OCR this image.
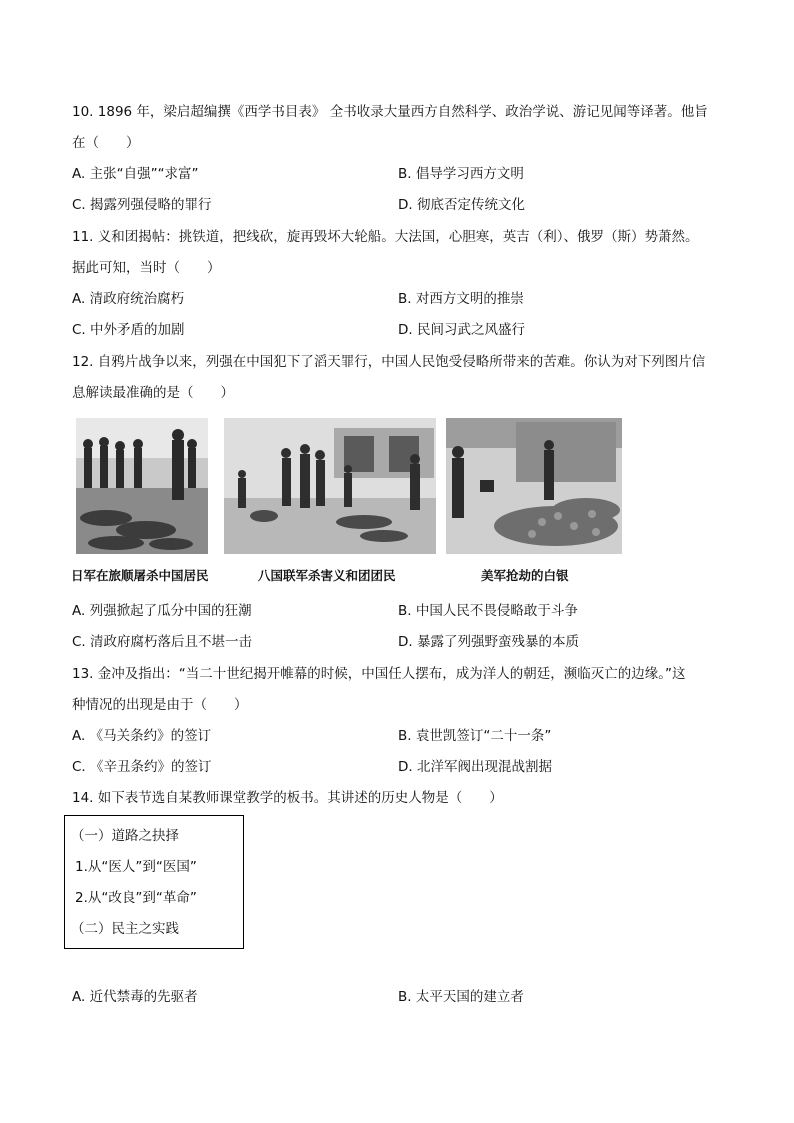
10. 1896 年，梁启超编撰《西学书目表》 全书收录大量西方自然科学、政治学说、游记见闻等译著。他旨
在（　　）
A. 主张“自强”“求富”	B. 倡导学习西方文明
C. 揭露列强侵略的罪行	D. 彻底否定传统文化
11. 义和团揭帖：挑铁道，把线砍，旋再毁坏大轮船。大法国，心胆寒，英吉（利）、俄罗（斯）势萧然。
据此可知，当时（　　）
A. 清政府统治腐朽	B. 对西方文明的推崇
C. 中外矛盾的加剧	D. 民间习武之风盛行
12. 自鸦片战争以来，列强在中国犯下了滔天罪行，中国人民饱受侵略所带来的苦难。你认为对下列图片信
息解读最准确的是（　　）
日军在旅顺屠杀中国居民	八国联军杀害义和团团民	美军抢劫的白银
A. 列强掀起了瓜分中国的狂潮	B. 中国人民不畏侵略敢于斗争
C. 清政府腐朽落后且不堪一击	D. 暴露了列强野蛮残暴的本质
13. 金冲及指出：“当二十世纪揭开帷幕的时候，中国任人摆布，成为洋人的朝廷，濒临灭亡的边缘。”这
种情况的出现是由于（　　）
A. 《马关条约》的签订	B. 袁世凯签订“二十一条”
C. 《辛丑条约》的签订	D. 北洋军阀出现混战割据
14. 如下表节选自某教师课堂教学的板书。其讲述的历史人物是（　　）
（一）道路之抉择
1.从“医人”到“医国”
2.从“改良”到“革命”
（二）民主之实践
A. 近代禁毒的先驱者	B. 太平天国的建立者
